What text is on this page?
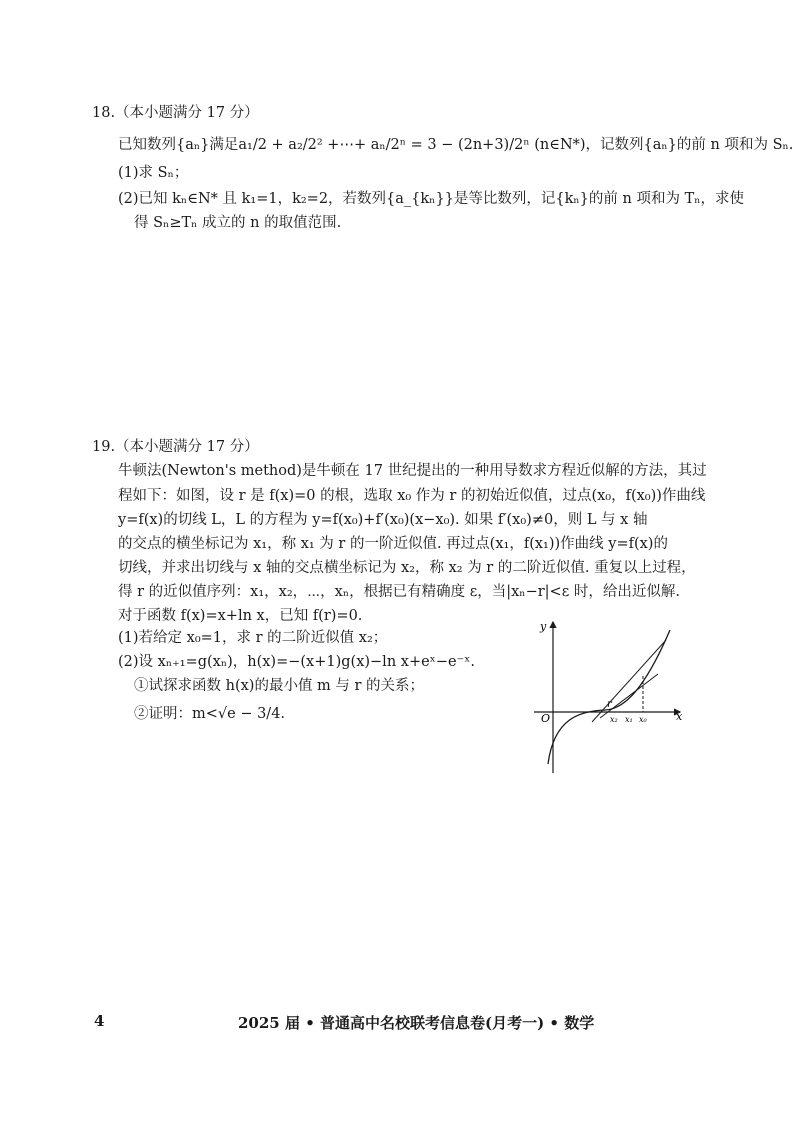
18.（本小题满分 17 分）
已知数列{aₙ}满足a₁/2 + a₂/2² +⋯+ aₙ/2ⁿ = 3 − (2n+3)/2ⁿ (n∈N*)，记数列{aₙ}的前 n 项和为 Sₙ.
(1)求 Sₙ；
(2)已知 kₙ∈N* 且 k₁=1，k₂=2，若数列{a_{kₙ}}是等比数列，记{kₙ}的前 n 项和为 Tₙ，求使
得 Sₙ≥Tₙ 成立的 n 的取值范围.
19.（本小题满分 17 分）
牛顿法(Newton's method)是牛顿在 17 世纪提出的一种用导数求方程近似解的方法，其过
程如下：如图，设 r 是 f(x)=0 的根，选取 x₀ 作为 r 的初始近似值，过点(x₀，f(x₀))作曲线
y=f(x)的切线 L，L 的方程为 y=f(x₀)+f′(x₀)(x−x₀). 如果 f′(x₀)≠0，则 L 与 x 轴
的交点的横坐标记为 x₁，称 x₁ 为 r 的一阶近似值. 再过点(x₁，f(x₁))作曲线 y=f(x)的
切线，并求出切线与 x 轴的交点横坐标记为 x₂，称 x₂ 为 r 的二阶近似值. 重复以上过程，
得 r 的近似值序列：x₁，x₂，⋯，xₙ，根据已有精确度 ε，当|xₙ−r|<ε 时，给出近似解.
对于函数 f(x)=x+ln x，已知 f(r)=0.
(1)若给定 x₀=1，求 r 的二阶近似值 x₂；
(2)设 xₙ₊₁=g(xₙ)，h(x)=−(x+1)g(x)−ln x+eˣ−e⁻ˣ.
①试探求函数 h(x)的最小值 m 与 r 的关系；
②证明：m<√e − 3/4.
y
x
O
r
x₂ x₁ x₀
4	2025 届 • 普通高中名校联考信息卷(月考一) • 数学
